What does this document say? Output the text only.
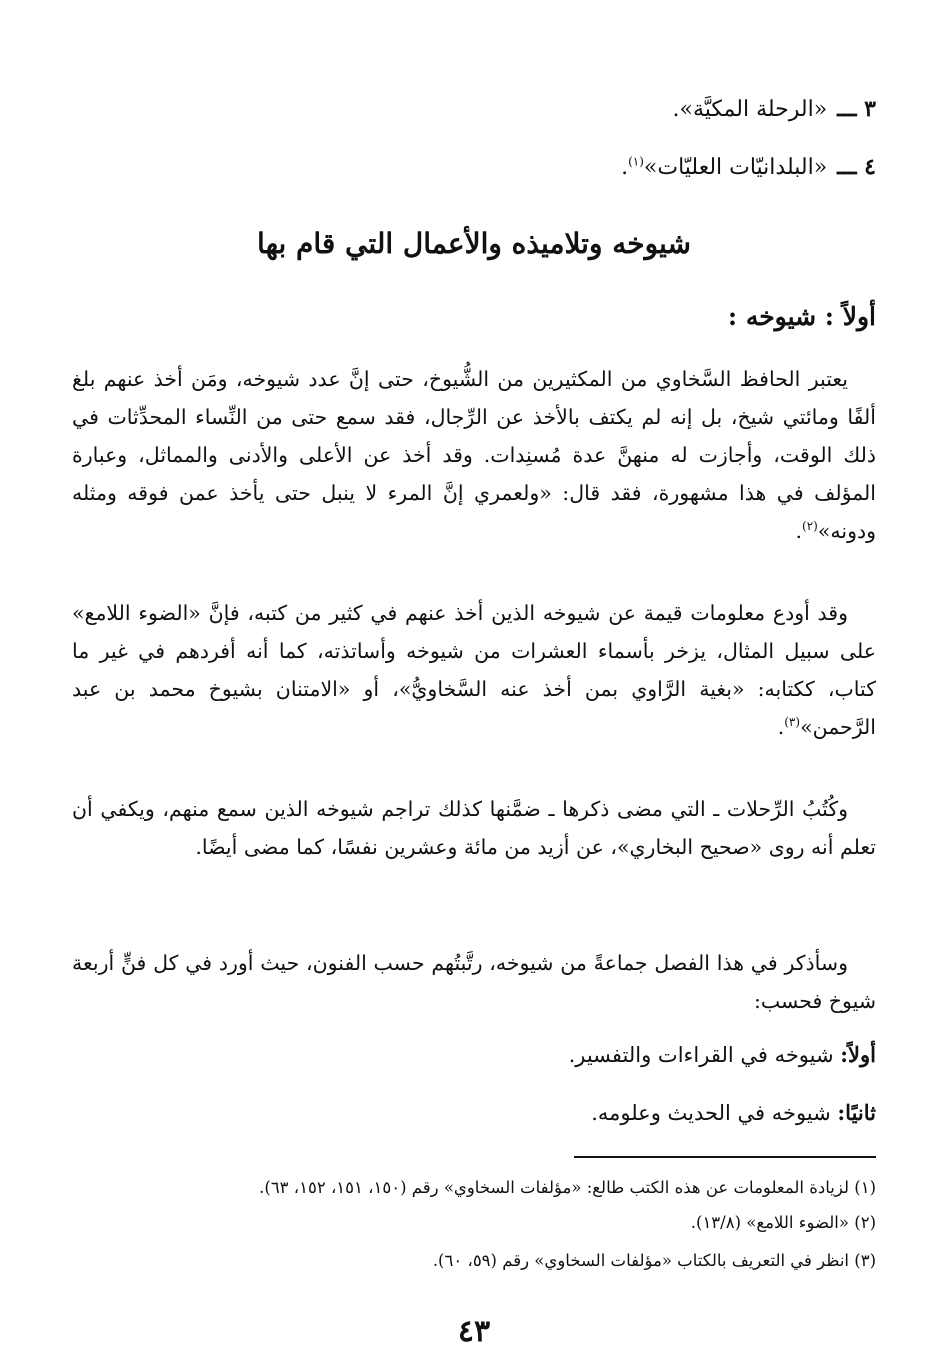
٣ ـــ«الرحلة المكيَّة».
٤ ـــ«البلدانيّات العليّات»$^{(١)}$.
شيوخه وتلاميذه والأعمال التي قام بها
أولاً : شيوخه :

يعتبر الحافظ السَّخاوي من المكثيرين من الشُّيوخ، حتى إنَّ عدد شيوخه، ومَن أخذ عنهم بلغ ألفًا ومائتي شيخ، بل إنه لم يكتف بالأخذ عن الرِّجال، فقد سمع حتى من النِّساء المحدِّثات في ذلك الوقت، وأجازت له منهنَّ عدة مُسنِدات. وقد أخذ عن الأعلى والأدنى والمماثل، وعبارة المؤلف في هذا مشهورة، فقد قال: «ولعمري إنَّ المرء لا ينبل حتى يأخذ عمن فوقه ومثله ودونه»$^{(٢)}$.

وقد أودع معلومات قيمة عن شيوخه الذين أخذ عنهم في كثير من كتبه، فإنَّ «الضوء اللامع» على سبيل المثال، يزخر بأسماء العشرات من شيوخه وأساتذته، كما أنه أفردهم في غير ما كتاب، ككتابه: «بغية الرَّاوي بمن أخذ عنه السَّخاويُّ»، أو «الامتنان بشيوخ محمد بن عبد الرَّحمن»$^{(٣)}$.

وكُتُبُ الرِّحلات ـ التي مضى ذكرها ـ ضمَّنها كذلك تراجم شيوخه الذين سمع منهم، ويكفي أن تعلم أنه روى «صحيح البخاري»، عن أزيد من مائة وعشرين نفسًا، كما مضى أيضًا.

وسأذكر في هذا الفصل جماعةً من شيوخه، رتَّبتُهم حسب الفنون، حيث أورد في كل فنٍّ أربعة شيوخ فحسب:

أولاً: شيوخه في القراءات والتفسير.
ثانيًا: شيوخه في الحديث وعلومه.
(١) لزيادة المعلومات عن هذه الكتب طالع: «مؤلفات السخاوي» رقم (١٥٠، ١٥١، ١٥٢، ٦٣).
(٢) «الضوء اللامع» (١٣/٨).
(٣) انظر في التعريف بالكتاب «مؤلفات السخاوي» رقم (٥٩، ٦٠).
٤٣
